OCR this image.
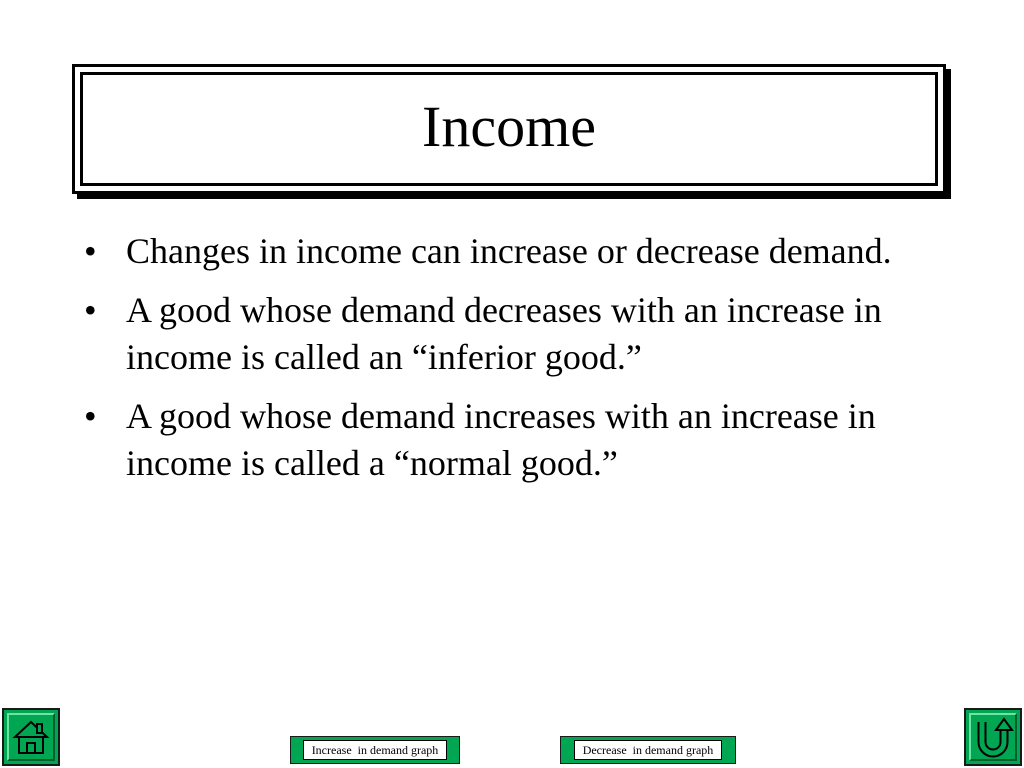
Income
• Changes in income can increase or decrease demand.
• A good whose demand decreases with an increase in income is called an “inferior good.”
• A good whose demand increases with an increase in income is called a “normal good.”
Increase  in demand graph	Decrease  in demand graph
